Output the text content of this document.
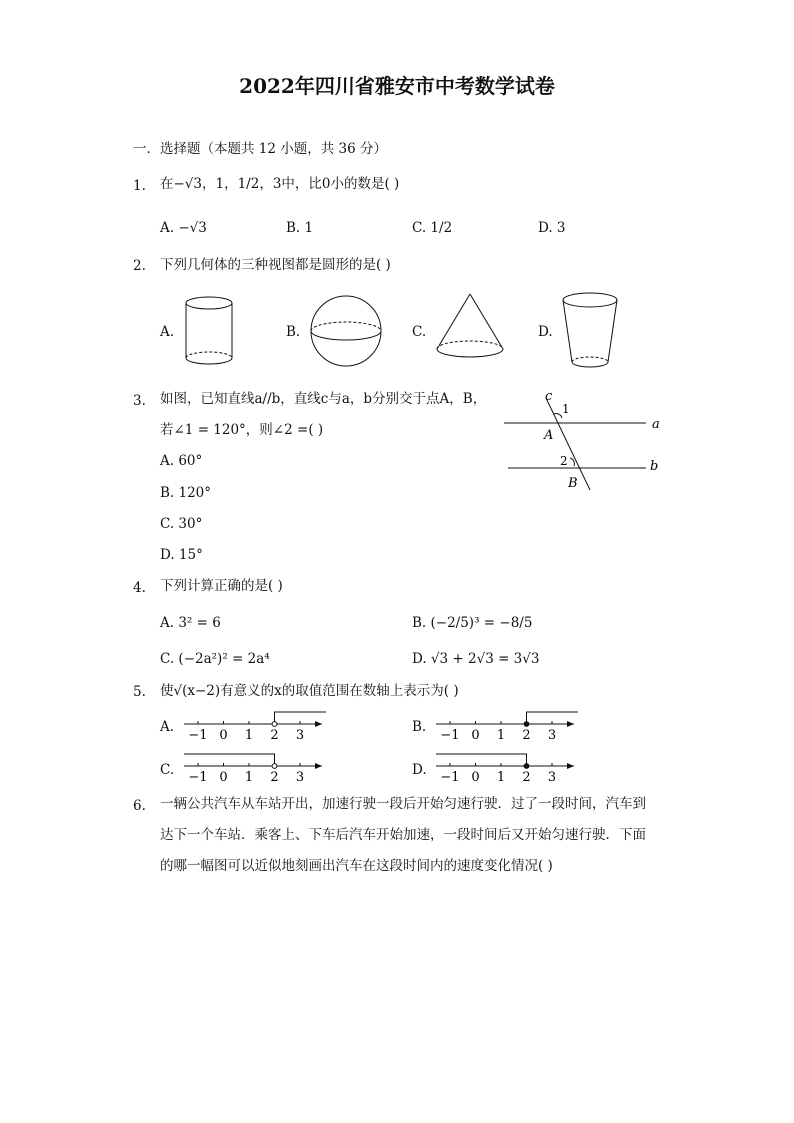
2022年四川省雅安市中考数学试卷
一．选择题（本题共 12 小题，共 36 分）
1. 在−√3，1，1/2，3中，比0小的数是( )
A. −√3	B. 1	C. 1/2	D. 3
2. 下列几何体的三种视图都是圆形的是( )
A.	B.	C.	D.
3. 如图，已知直线a//b，直线c与a，b分别交于点A，B，
若∠1 = 120°，则∠2 =( )
A. 60°
B. 120°
C. 30°
D. 15°
c
1
A
a
2	b
B
4. 下列计算正确的是( )
A. 3² = 6	B. (−2/5)³ = −8/5
C. (−2a²)² = 2a⁴	D. √3 + 2√3 = 3√3
5. 使√(x−2)有意义的x的取值范围在数轴上表示为( )
A.	B.
C.	D.
−1 0 1 2 3	−1 0 1 2 3
−1 0 1 2 3	−1 0 1 2 3
6. 一辆公共汽车从车站开出，加速行驶一段后开始匀速行驶．过了一段时间，汽车到
达下一个车站．乘客上、下车后汽车开始加速，一段时间后又开始匀速行驶．下面
的哪一幅图可以近似地刻画出汽车在这段时间内的速度变化情况( )
